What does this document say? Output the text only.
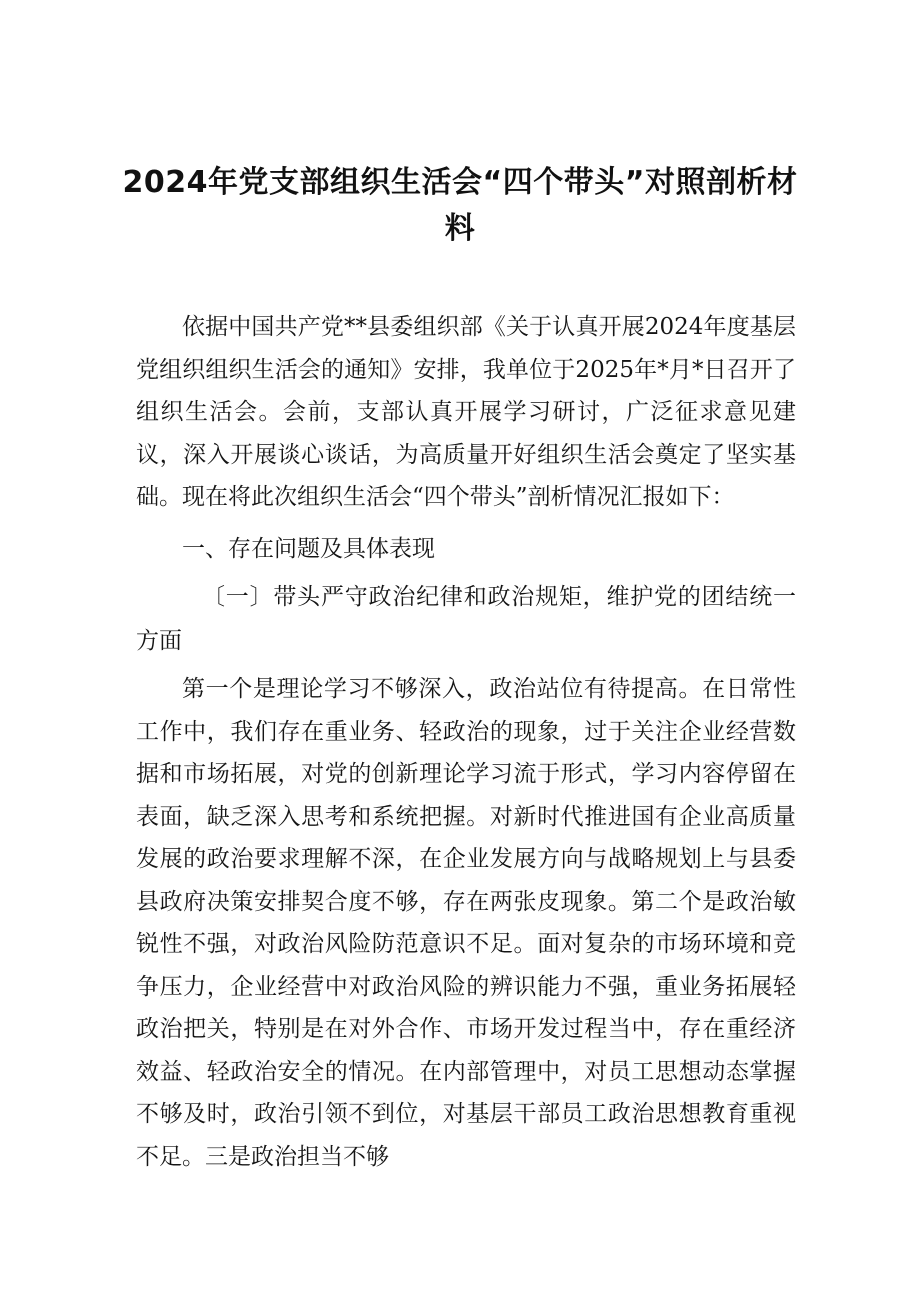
2024年党支部组织生活会“四个带头”对照剖析材料

依据中国共产党**县委组织部《关于认真开展2024年度基层党组织组织生活会的通知》安排，我单位于2025年*月*日召开了组织生活会。会前，支部认真开展学习研讨，广泛征求意见建议，深入开展谈心谈话，为高质量开好组织生活会奠定了坚实基础。现在将此次组织生活会“四个带头”剖析情况汇报如下：

一、存在问题及具体表现

〔一〕带头严守政治纪律和政治规矩，维护党的团结统一方面

第一个是理论学习不够深入，政治站位有待提高。在日常性工作中，我们存在重业务、轻政治的现象，过于关注企业经营数据和市场拓展，对党的创新理论学习流于形式，学习内容停留在表面，缺乏深入思考和系统把握。对新时代推进国有企业高质量发展的政治要求理解不深，在企业发展方向与战略规划上与县委县政府决策安排契合度不够，存在两张皮现象。第二个是政治敏锐性不强，对政治风险防范意识不足。面对复杂的市场环境和竞争压力，企业经营中对政治风险的辨识能力不强，重业务拓展轻政治把关，特别是在对外合作、市场开发过程当中，存在重经济效益、轻政治安全的情况。在内部管理中，对员工思想动态掌握不够及时，政治引领不到位，对基层干部员工政治思想教育重视不足。三是政治担当不够
